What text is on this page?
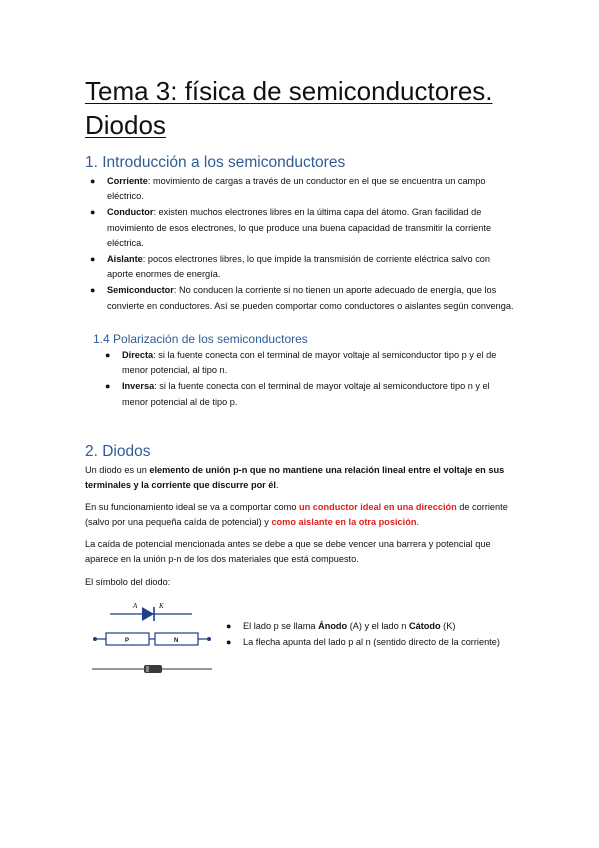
Tema 3: física de semiconductores. Diodos
1. Introducción a los semiconductores
● Corriente: movimiento de cargas a través de un conductor en el que se encuentra un campo eléctrico.
● Conductor: existen muchos electrones libres en la última capa del átomo. Gran facilidad de movimiento de esos electrones, lo que produce una buena capacidad de transmitir la corriente eléctrica.
● Aislante: pocos electrones libres, lo que impide la transmisión de corriente eléctrica salvo con aporte enormes de energía.
● Semiconductor: No conducen la corriente si no tienen un aporte adecuado de energía, que los convierte en conductores. Así se pueden comportar como conductores o aislantes según convenga.
1.4 Polarización de los semiconductores
● Directa: si la fuente conecta con el terminal de mayor voltaje al semiconductor tipo p y el de menor potencial, al tipo n.
● Inversa: si la fuente conecta con el terminal de mayor voltaje al semiconductore tipo n y el menor potencial al de tipo p.
2. Diodos

Un diodo es un elemento de unión p-n que no mantiene una relación lineal entre el voltaje en sus terminales y la corriente que discurre por él.

En su funcionamiento ideal se va a comportar como un conductor ideal en una dirección de corriente (salvo por una pequeña caída de potencial) y como aislante en la otra posición.

La caída de potencial mencionada antes se debe a que se debe vencer una barrera y potencial que aparece en la unión p-n de los dos materiales que está compuesto.

El símbolo del diodo:

A	K
P	N
● El lado p se llama Ánodo (A) y el lado n Cátodo (K)
● La flecha apunta del lado p al n (sentido directo de la corriente)
